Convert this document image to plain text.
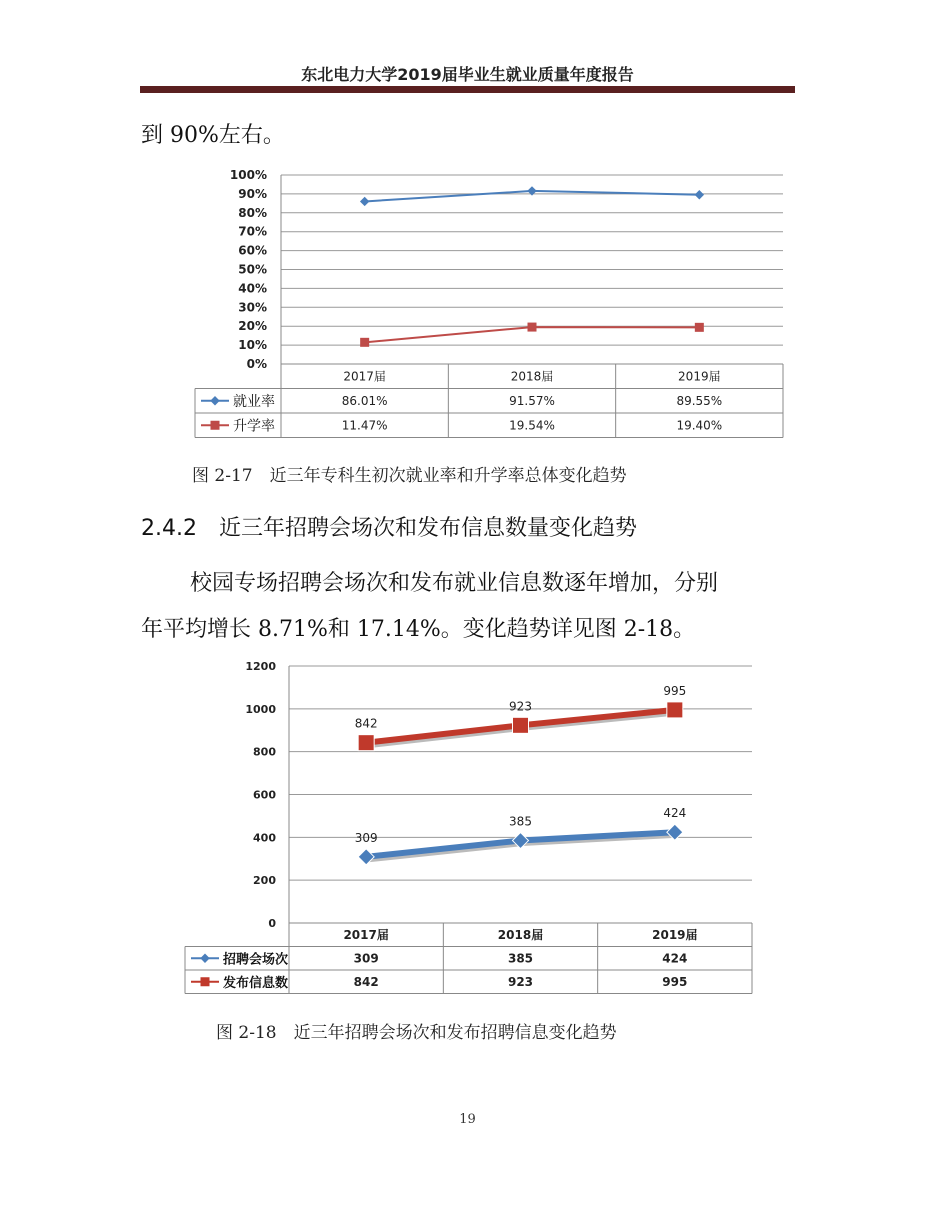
东北电力大学2019届毕业生就业质量年度报告
到 90%左右。
0%
10%
20%
30%
40%
50%
60%
70%
80%
90%
100%
2017届	2018届	2019届
就业率	86.01%	91.57%	89.55%
升学率	11.47%	19.54%	19.40%
图 2-17　近三年专科生初次就业率和升学率总体变化趋势
2.4.2　近三年招聘会场次和发布信息数量变化趋势
校园专场招聘会场次和发布就业信息数逐年增加，分别
年平均增长 8.71%和 17.14%。变化趋势详见图 2-18。
0
200
400
600
800
1000
1200
2017届	2018届	2019届
招聘会场次	309	385	424
发布信息数	842	923	995
309
385
424
842
923
995
图 2-18　近三年招聘会场次和发布招聘信息变化趋势
19
